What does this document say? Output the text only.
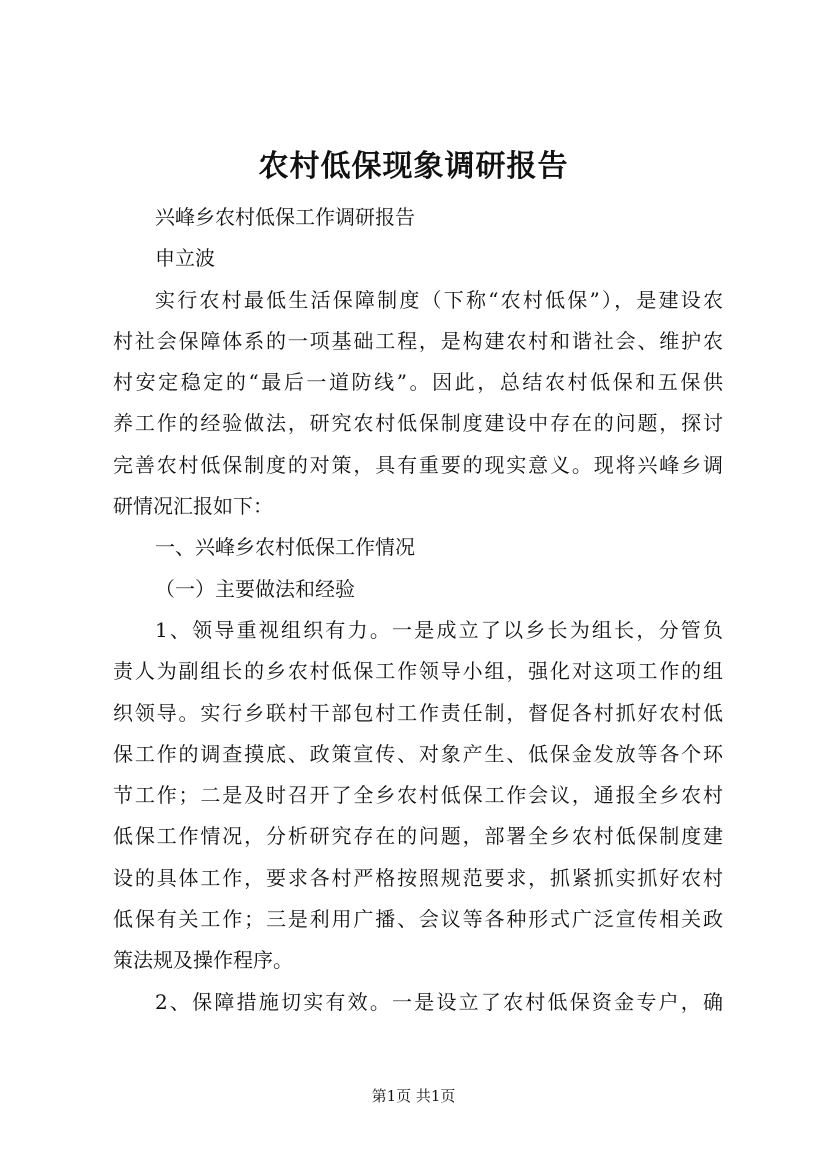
农村低保现象调研报告
兴峰乡农村低保工作调研报告
申立波
实行农村最低生活保障制度（下称“农村低保”），是建设农
村社会保障体系的一项基础工程，是构建农村和谐社会、维护农
村安定稳定的“最后一道防线”。因此，总结农村低保和五保供
养工作的经验做法，研究农村低保制度建设中存在的问题，探讨
完善农村低保制度的对策，具有重要的现实意义。现将兴峰乡调
研情况汇报如下：
一、兴峰乡农村低保工作情况
（一）主要做法和经验
1、领导重视组织有力。一是成立了以乡长为组长，分管负
责人为副组长的乡农村低保工作领导小组，强化对这项工作的组
织领导。实行乡联村干部包村工作责任制，督促各村抓好农村低
保工作的调查摸底、政策宣传、对象产生、低保金发放等各个环
节工作；二是及时召开了全乡农村低保工作会议，通报全乡农村
低保工作情况，分析研究存在的问题，部署全乡农村低保制度建
设的具体工作，要求各村严格按照规范要求，抓紧抓实抓好农村
低保有关工作；三是利用广播、会议等各种形式广泛宣传相关政
策法规及操作程序。
2、保障措施切实有效。一是设立了农村低保资金专户，确
第1页 共1页
